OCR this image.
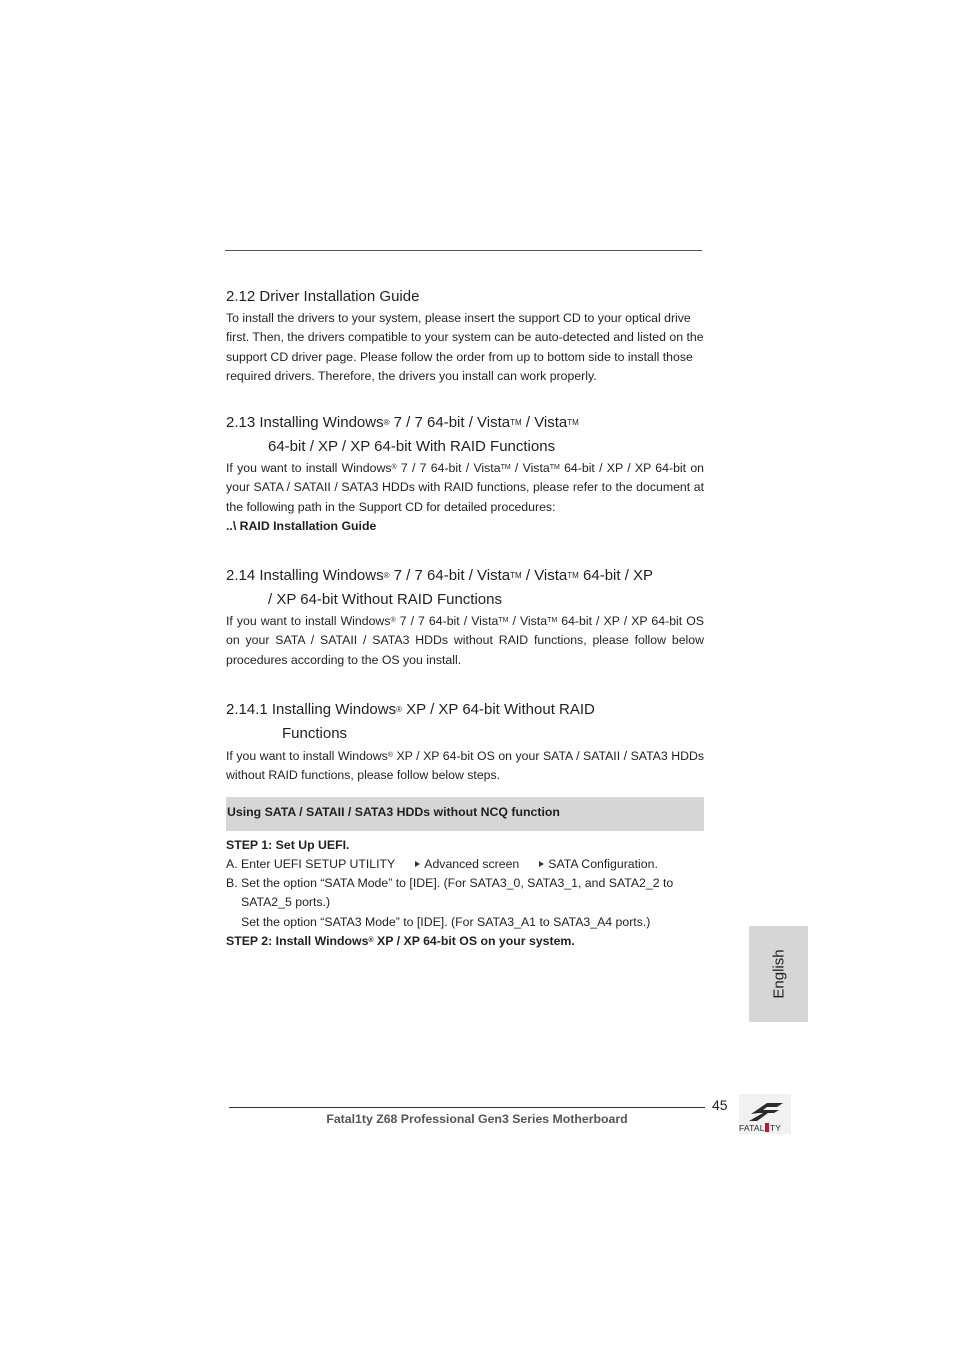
2.12 Driver Installation Guide
To install the drivers to your system, please insert the support CD to your optical drive first. Then, the drivers compatible to your system can be auto-detected and listed on the support CD driver page. Please follow the order from up to bottom side to install those required drivers. Therefore, the drivers you install can work properly.
2.13 Installing Windows® 7 / 7 64-bit / Vista™ / Vista™
64-bit / XP / XP 64-bit With RAID Functions
If you want to install Windows® 7 / 7 64-bit / Vista™ / Vista™ 64-bit / XP / XP 64-bit on your SATA / SATAII / SATA3 HDDs with RAID functions, please refer to the document at the following path in the Support CD for detailed procedures:
..\ RAID Installation Guide
2.14 Installing Windows® 7 / 7 64-bit / Vista™ / Vista™ 64-bit / XP
/ XP 64-bit Without RAID Functions
If you want to install Windows® 7 / 7 64-bit / Vista™ / Vista™ 64-bit / XP / XP 64-bit OS on your SATA / SATAII / SATA3 HDDs without RAID functions, please follow below procedures according to the OS you install.
2.14.1 Installing Windows® XP / XP 64-bit Without RAID
Functions
If you want to install Windows® XP / XP 64-bit OS on your SATA / SATAII / SATA3 HDDs without RAID functions, please follow below steps.
Using SATA / SATAII / SATA3 HDDs without NCQ function
STEP 1: Set Up UEFI.
A. Enter UEFI SETUP UTILITY Advanced screen SATA Configuration.
B. Set the option “SATA Mode” to [IDE]. (For SATA3_0, SATA3_1, and SATA2_2 to
SATA2_5 ports.)
Set the option “SATA3 Mode” to [IDE]. (For SATA3_A1 to SATA3_A4 ports.)
STEP 2: Install Windows® XP / XP 64-bit OS on your system.
English
45
Fatal1ty Z68 Professional Gen3 Series Motherboard
FATAL TY
